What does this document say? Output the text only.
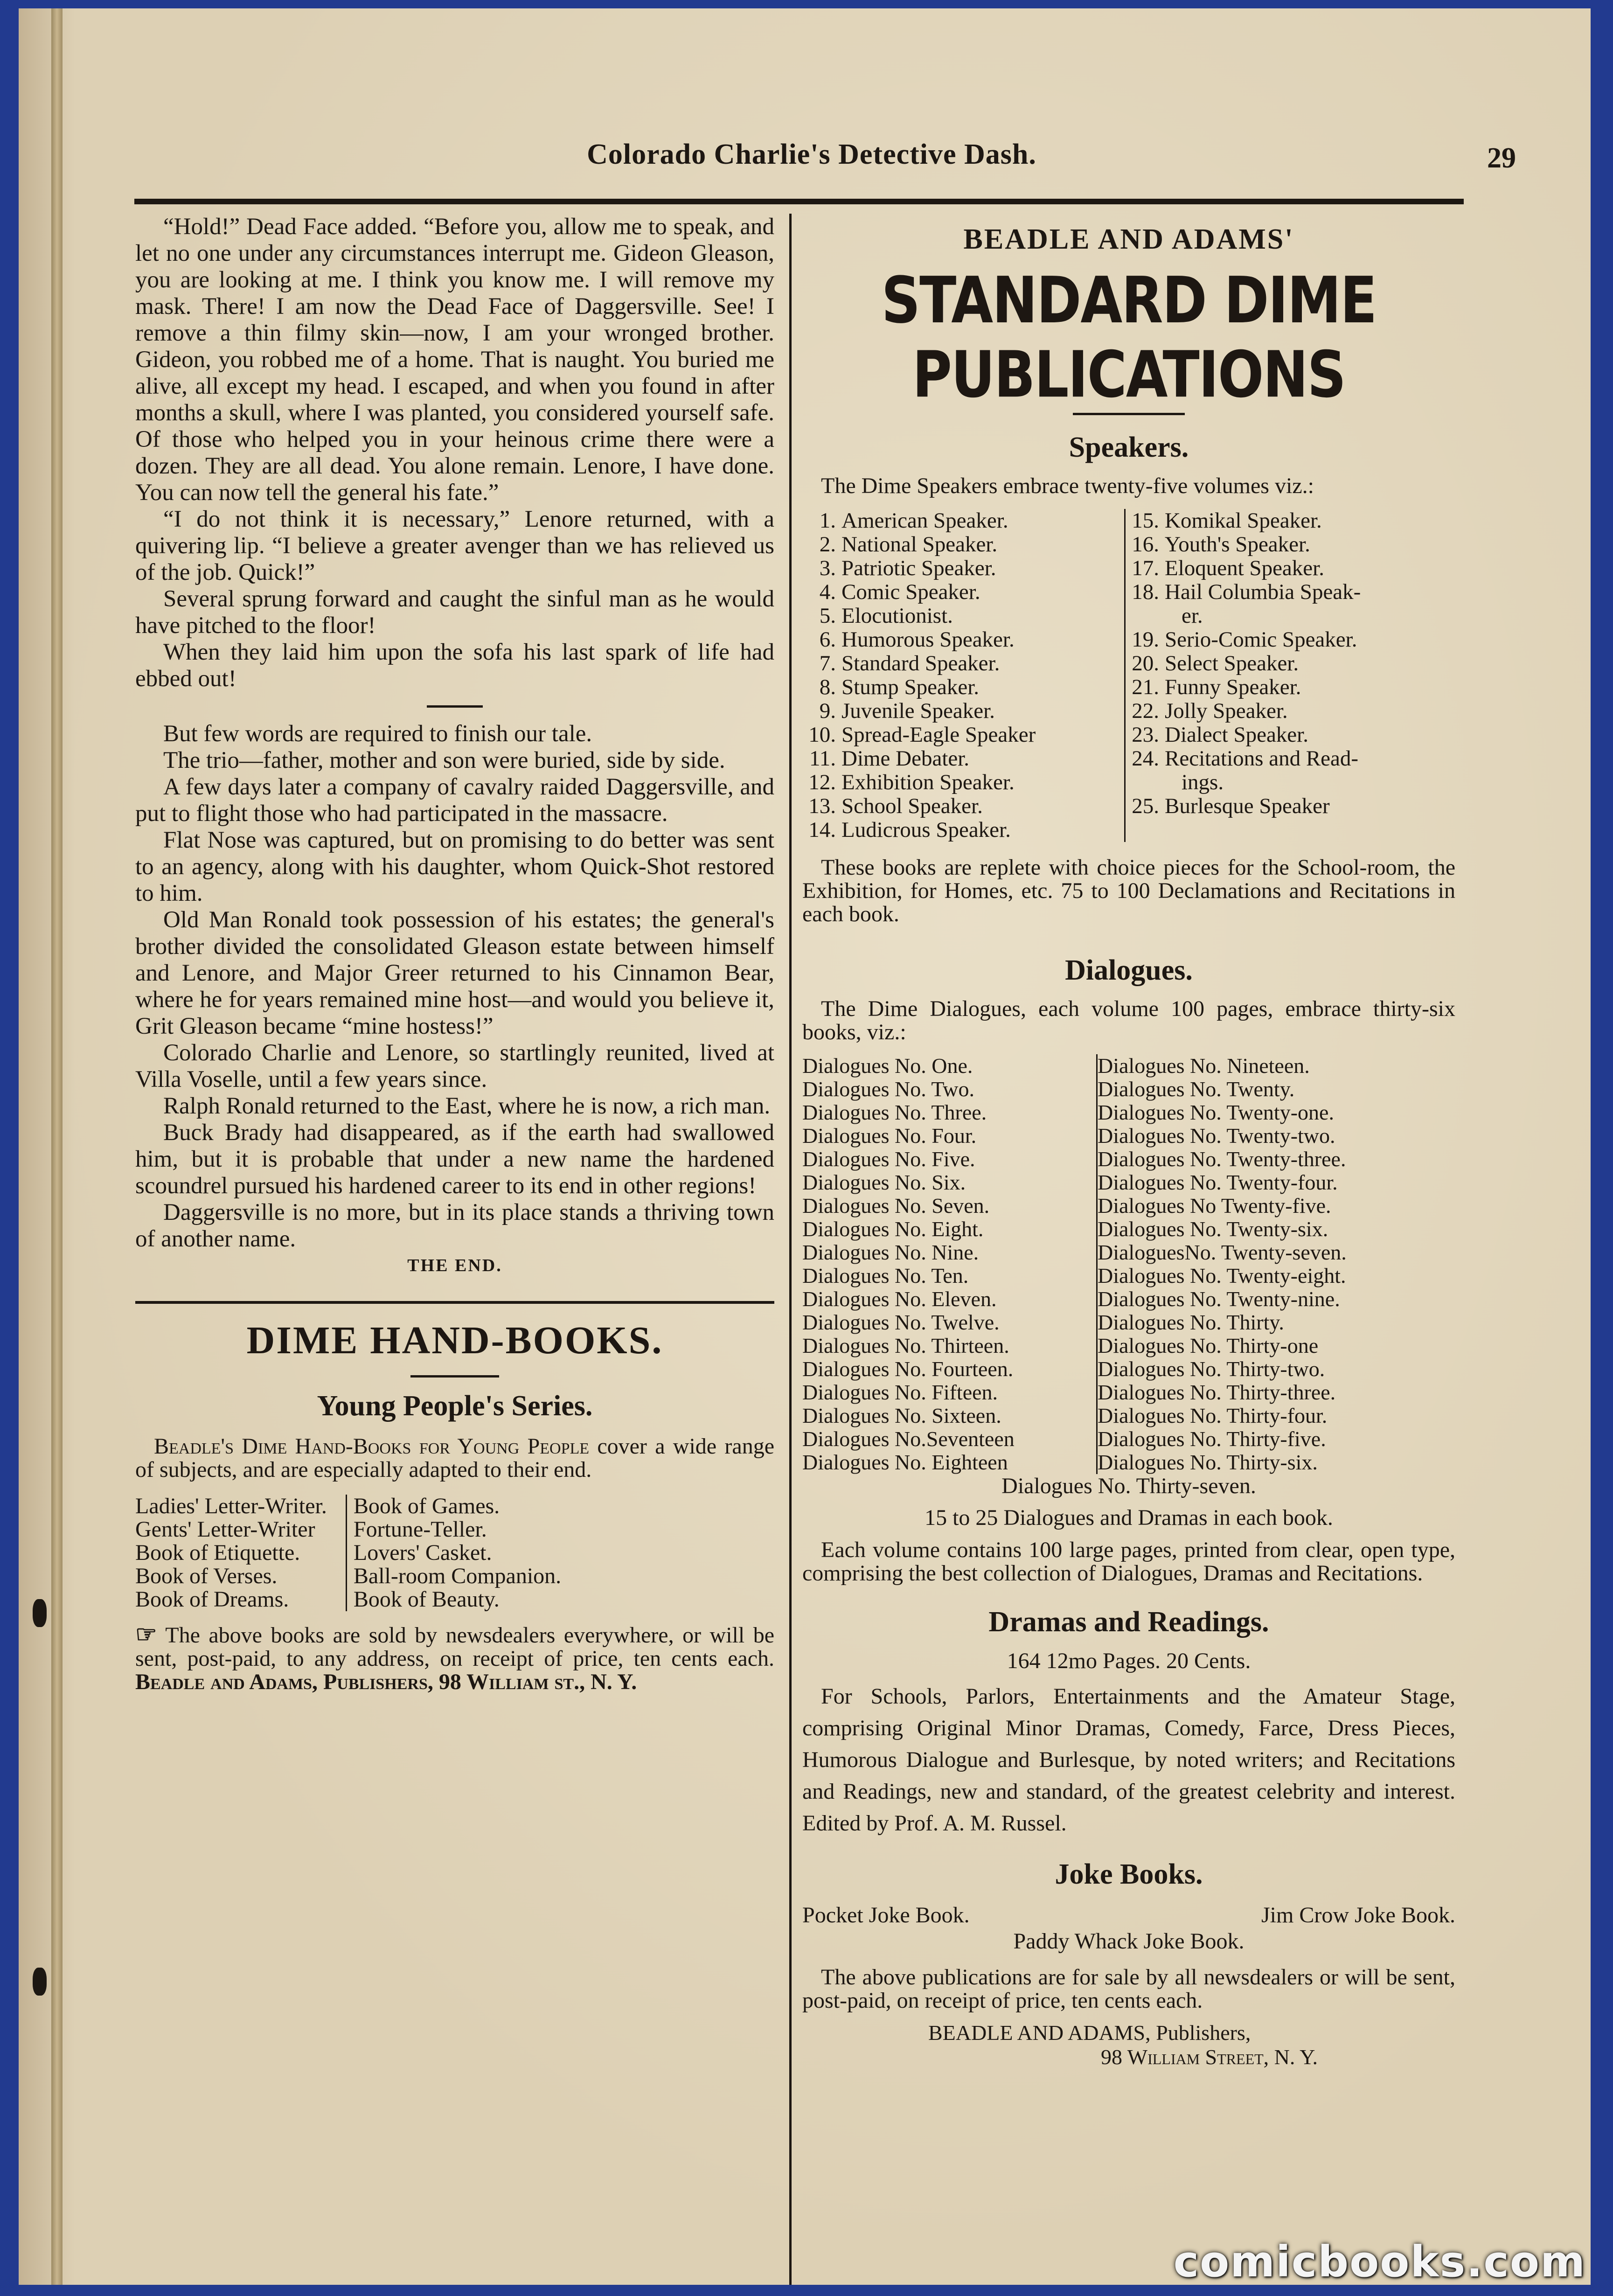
Colorado Charlie's Detective Dash.	29

“Hold!” Dead Face added. “Before you, allow me to speak, and let no one under any circumstances interrupt me. Gideon Gleason, you are looking at me. I think you know me. I will remove my mask. There! I am now the Dead Face of Daggersville. See! I remove a thin filmy skin—now, I am your wronged brother. Gideon, you robbed me of a home. That is naught. You buried me alive, all except my head. I escaped, and when you found in after months a skull, where I was planted, you considered yourself safe. Of those who helped you in your heinous crime there were a dozen. They are all dead. You alone remain. Lenore, I have done. You can now tell the general his fate.”

“I do not think it is necessary,” Lenore returned, with a quivering lip. “I believe a greater avenger than we has relieved us of the job. Quick!”

Several sprung forward and caught the sinful man as he would have pitched to the floor!

When they laid him upon the sofa his last spark of life had ebbed out!

But few words are required to finish our tale.

The trio—father, mother and son were buried, side by side.

A few days later a company of cavalry raided Daggersville, and put to flight those who had participated in the massacre.

Flat Nose was captured, but on promising to do better was sent to an agency, along with his daughter, whom Quick-Shot restored to him.

Old Man Ronald took possession of his estates; the general's brother divided the consolidated Gleason estate between himself and Lenore, and Major Greer returned to his Cinnamon Bear, where he for years remained mine host—and would you believe it, Grit Gleason became “mine hostess!”

Colorado Charlie and Lenore, so startlingly reunited, lived at Villa Voselle, until a few years since.

Ralph Ronald returned to the East, where he is now, a rich man.

Buck Brady had disappeared, as if the earth had swallowed him, but it is probable that under a new name the hardened scoundrel pursued his hardened career to its end in other regions!

Daggersville is no more, but in its place stands a thriving town of another name.

THE END.
DIME HAND-BOOKS.
Young People's Series.

Beadle's Dime Hand-Books for Young People cover a wide range of subjects, and are especially adapted to their end.

Ladies' Letter-Writer.
Gents' Letter-Writer
Book of Etiquette.
Book of Verses.
Book of Dreams.
Book of Games.
Fortune-Teller.
Lovers' Casket.
Ball-room Companion.
Book of Beauty.

☞ The above books are sold by newsdealers everywhere, or will be sent, post-paid, to any address, on receipt of price, ten cents each. Beadle and Adams, Publishers, 98 William st., N. Y.

BEADLE AND ADAMS'
STANDARD DIME PUBLICATIONS
Speakers.

The Dime Speakers embrace twenty-five volumes viz.:

1. American Speaker.
2. National Speaker.
3. Patriotic Speaker.
4. Comic Speaker.
5. Elocutionist.
6. Humorous Speaker.
7. Standard Speaker.
8. Stump Speaker.
9. Juvenile Speaker.
10. Spread-Eagle Speaker
11. Dime Debater.
12. Exhibition Speaker.
13. School Speaker.
14. Ludicrous Speaker.
15. Komikal Speaker.
16. Youth's Speaker.
17. Eloquent Speaker.
18. Hail Columbia Speak-
er.
19. Serio-Comic Speaker.
20. Select Speaker.
21. Funny Speaker.
22. Jolly Speaker.
23. Dialect Speaker.
24. Recitations and Read-
ings.
25. Burlesque Speaker

These books are replete with choice pieces for the School-room, the Exhibition, for Homes, etc. 75 to 100 Declamations and Recitations in each book.

Dialogues.

The Dime Dialogues, each volume 100 pages, embrace thirty-six books, viz.:

Dialogues No. One.
Dialogues No. Two.
Dialogues No. Three.
Dialogues No. Four.
Dialogues No. Five.
Dialogues No. Six.
Dialogues No. Seven.
Dialogues No. Eight.
Dialogues No. Nine.
Dialogues No. Ten.
Dialogues No. Eleven.
Dialogues No. Twelve.
Dialogues No. Thirteen.
Dialogues No. Fourteen.
Dialogues No. Fifteen.
Dialogues No. Sixteen.
Dialogues No.Seventeen
Dialogues No. Eighteen
Dialogues No. Nineteen.
Dialogues No. Twenty.
Dialogues No. Twenty-one.
Dialogues No. Twenty-two.
Dialogues No. Twenty-three.
Dialogues No. Twenty-four.
Dialogues No Twenty-five.
Dialogues No. Twenty-six.
DialoguesNo. Twenty-seven.
Dialogues No. Twenty-eight.
Dialogues No. Twenty-nine.
Dialogues No. Thirty.
Dialogues No. Thirty-one
Dialogues No. Thirty-two.
Dialogues No. Thirty-three.
Dialogues No. Thirty-four.
Dialogues No. Thirty-five.
Dialogues No. Thirty-six.

Dialogues No. Thirty-seven.

15 to 25 Dialogues and Dramas in each book.

Each volume contains 100 large pages, printed from clear, open type, comprising the best collection of Dialogues, Dramas and Recitations.

Dramas and Readings.

164 12mo Pages. 20 Cents.

For Schools, Parlors, Entertainments and the Amateur Stage, comprising Original Minor Dramas, Comedy, Farce, Dress Pieces, Humorous Dialogue and Burlesque, by noted writers; and Recitations and Readings, new and standard, of the greatest celebrity and interest. Edited by Prof. A. M. Russel.

Joke Books.
Pocket Joke Book.	Jim Crow Joke Book.

Paddy Whack Joke Book.

The above publications are for sale by all newsdealers or will be sent, post-paid, on receipt of price, ten cents each.

BEADLE AND ADAMS, Publishers,
98 William Street, N. Y.
comicbooks.com
